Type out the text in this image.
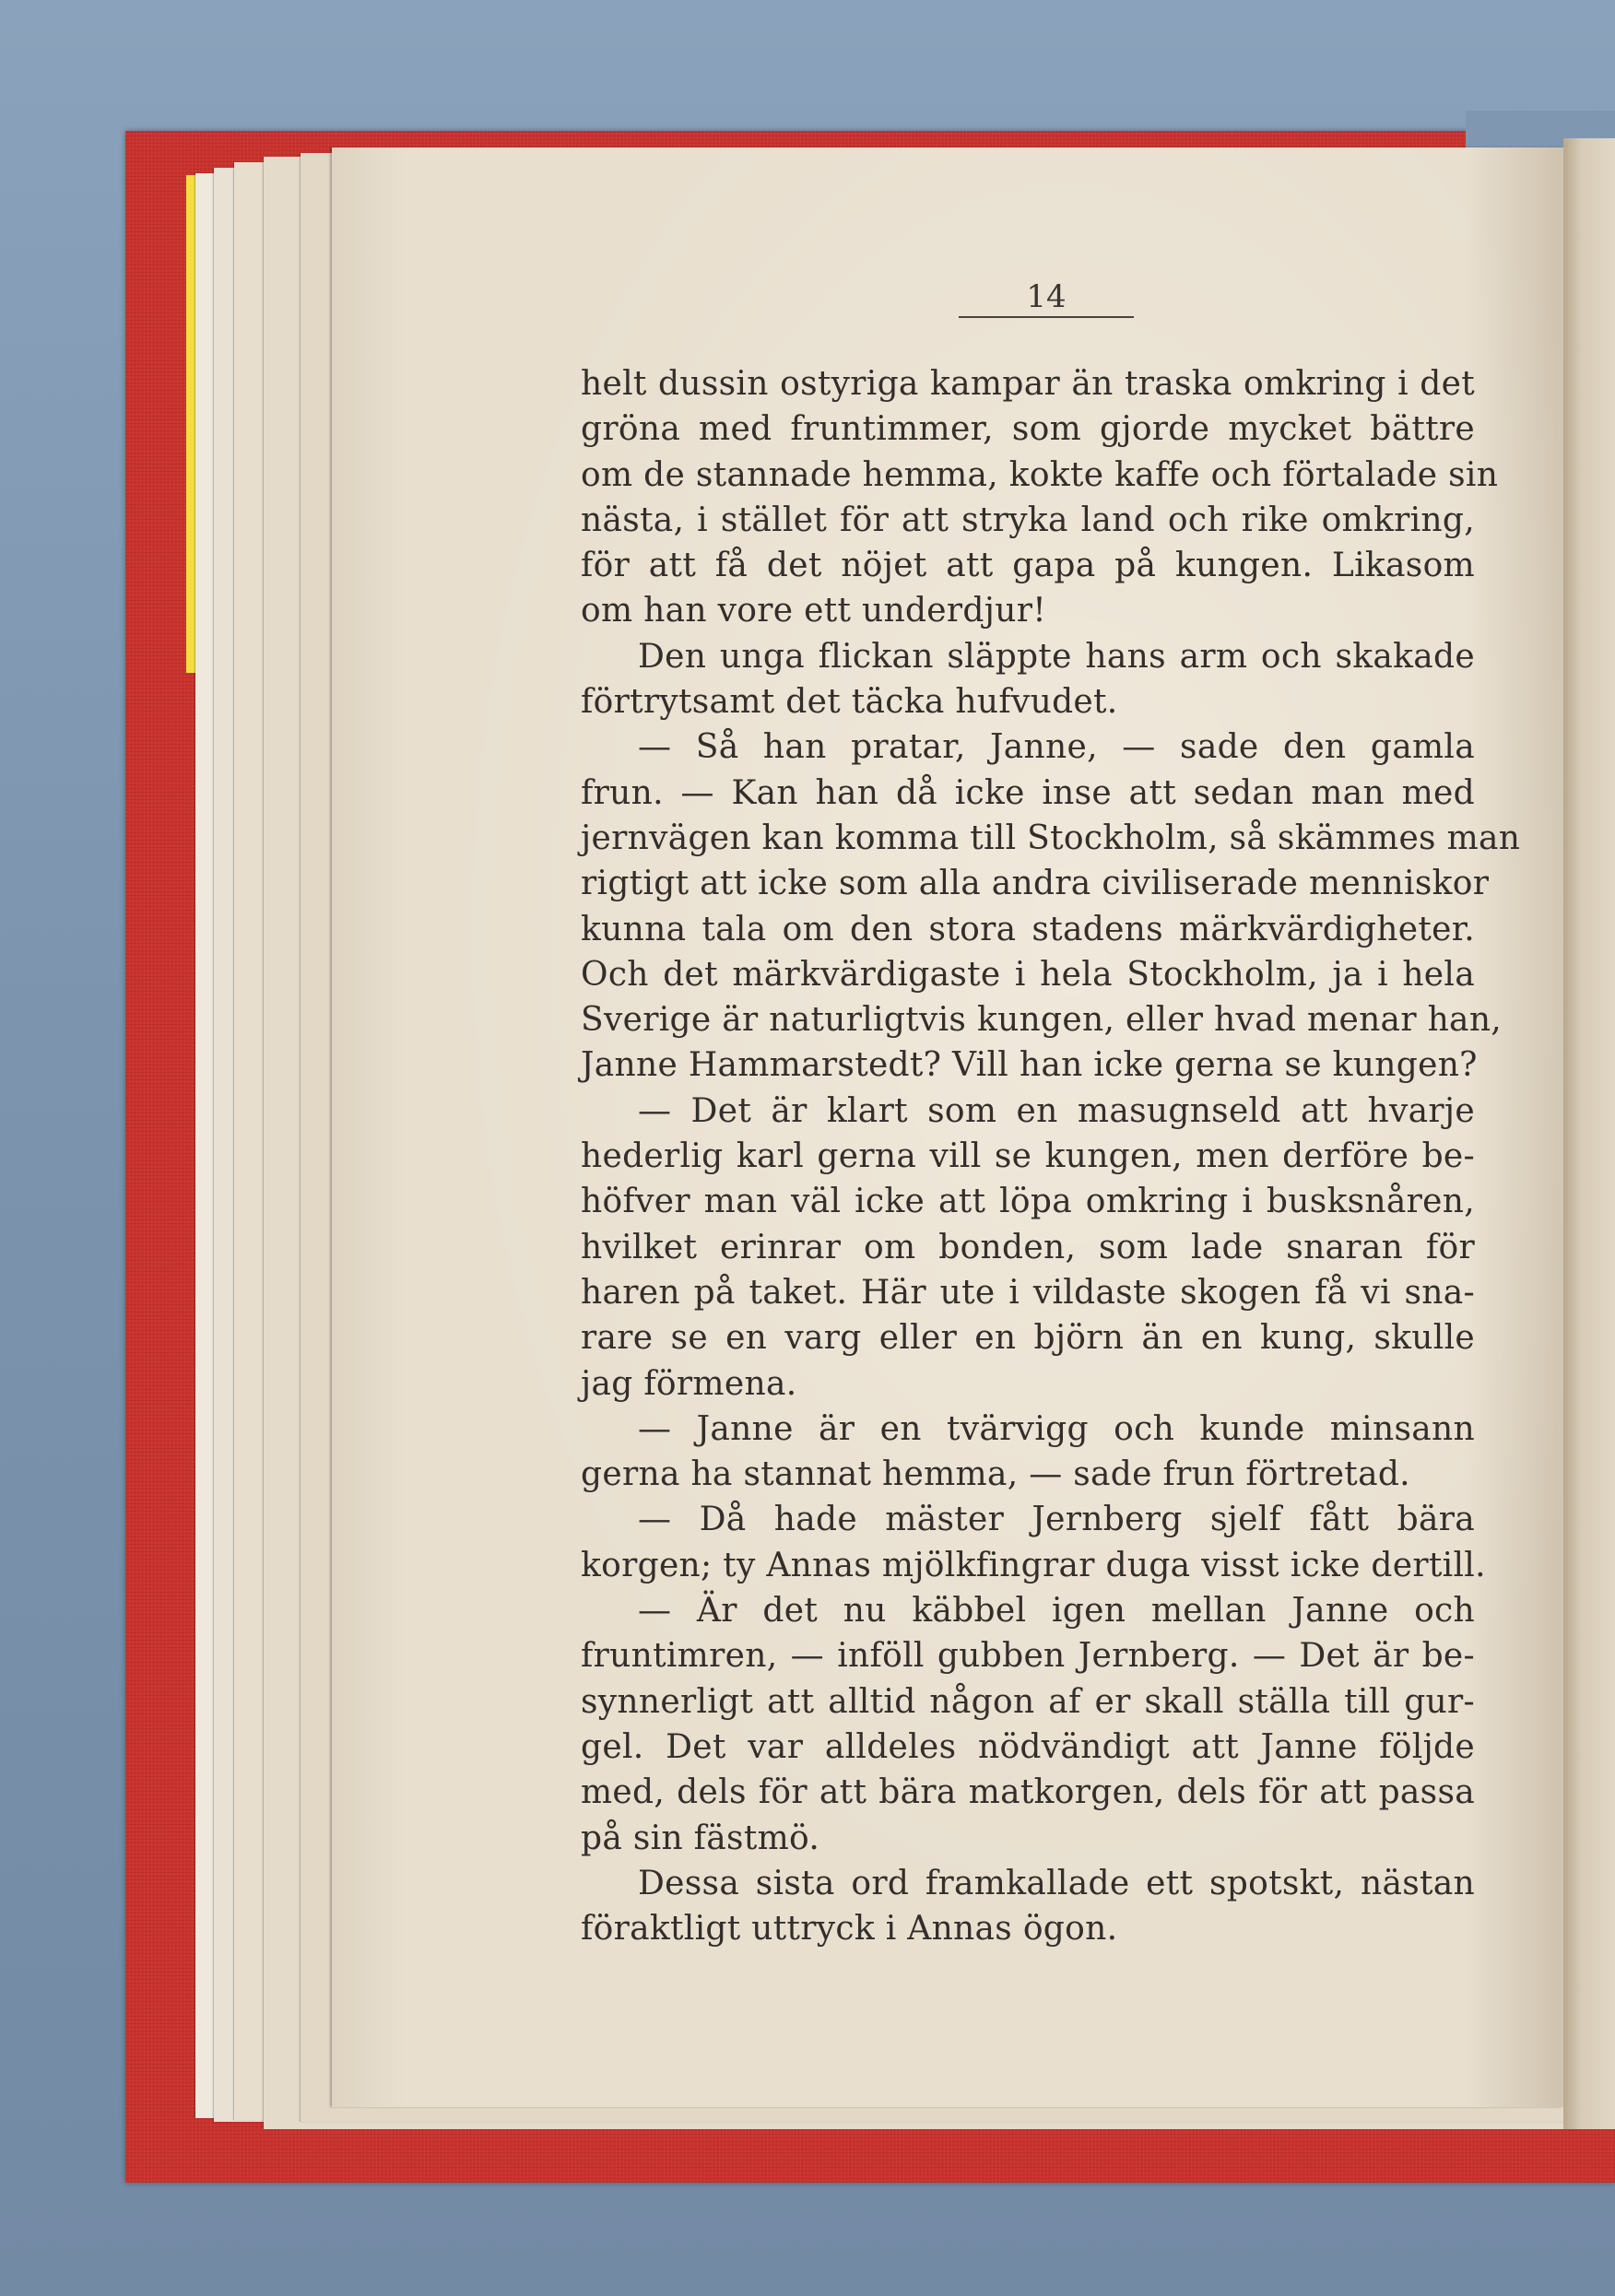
14
helt dussin ostyriga kampar än traska omkring i det
gröna med fruntimmer, som gjorde mycket bättre
om de stannade hemma, kokte kaffe och förtalade sin
nästa, i stället för att stryka land och rike omkring,
för att få det nöjet att gapa på kungen. Likasom
om han vore ett underdjur!
Den unga flickan släppte hans arm och skakade
förtrytsamt det täcka hufvudet.
— Så han pratar, Janne, — sade den gamla
frun. — Kan han då icke inse att sedan man med
jernvägen kan komma till Stockholm, så skämmes man
rigtigt att icke som alla andra civiliserade menniskor
kunna tala om den stora stadens märkvärdigheter.
Och det märkvärdigaste i hela Stockholm, ja i hela
Sverige är naturligtvis kungen, eller hvad menar han,
Janne Hammarstedt? Vill han icke gerna se kungen?
— Det är klart som en masugnseld att hvarje
hederlig karl gerna vill se kungen, men derföre be-
höfver man väl icke att löpa omkring i busksnåren,
hvilket erinrar om bonden, som lade snaran för
haren på taket. Här ute i vildaste skogen få vi sna-
rare se en varg eller en björn än en kung, skulle
jag förmena.
— Janne är en tvärvigg och kunde minsann
gerna ha stannat hemma, — sade frun förtretad.
— Då hade mäster Jernberg sjelf fått bära
korgen; ty Annas mjölkfingrar duga visst icke dertill.
— Är det nu käbbel igen mellan Janne och
fruntimren, — inföll gubben Jernberg. — Det är be-
synnerligt att alltid någon af er skall ställa till gur-
gel. Det var alldeles nödvändigt att Janne följde
med, dels för att bära matkorgen, dels för att passa
på sin fästmö.
Dessa sista ord framkallade ett spotskt, nästan
föraktligt uttryck i Annas ögon.
